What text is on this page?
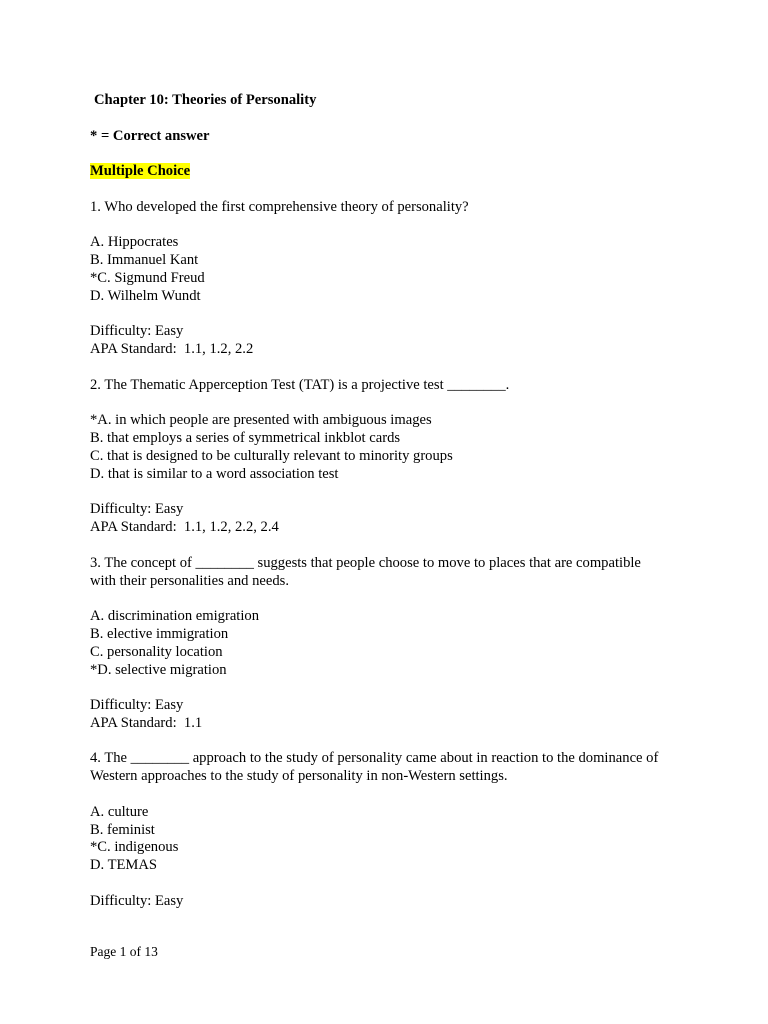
Chapter 10: Theories of Personality
* = Correct answer
Multiple Choice
1. Who developed the first comprehensive theory of personality?
A. Hippocrates
B. Immanuel Kant
*C. Sigmund Freud
D. Wilhelm Wundt
Difficulty: Easy
APA Standard:  1.1, 1.2, 2.2
2. The Thematic Apperception Test (TAT) is a projective test ________.
*A. in which people are presented with ambiguous images
B. that employs a series of symmetrical inkblot cards
C. that is designed to be culturally relevant to minority groups
D. that is similar to a word association test
Difficulty: Easy
APA Standard:  1.1, 1.2, 2.2, 2.4
3. The concept of ________ suggests that people choose to move to places that are compatible
with their personalities and needs.
A. discrimination emigration
B. elective immigration
C. personality location
*D. selective migration
Difficulty: Easy
APA Standard:  1.1
4. The ________ approach to the study of personality came about in reaction to the dominance of
Western approaches to the study of personality in non-Western settings.
A. culture
B. feminist
*C. indigenous
D. TEMAS
Difficulty: Easy
Page 1 of 13
